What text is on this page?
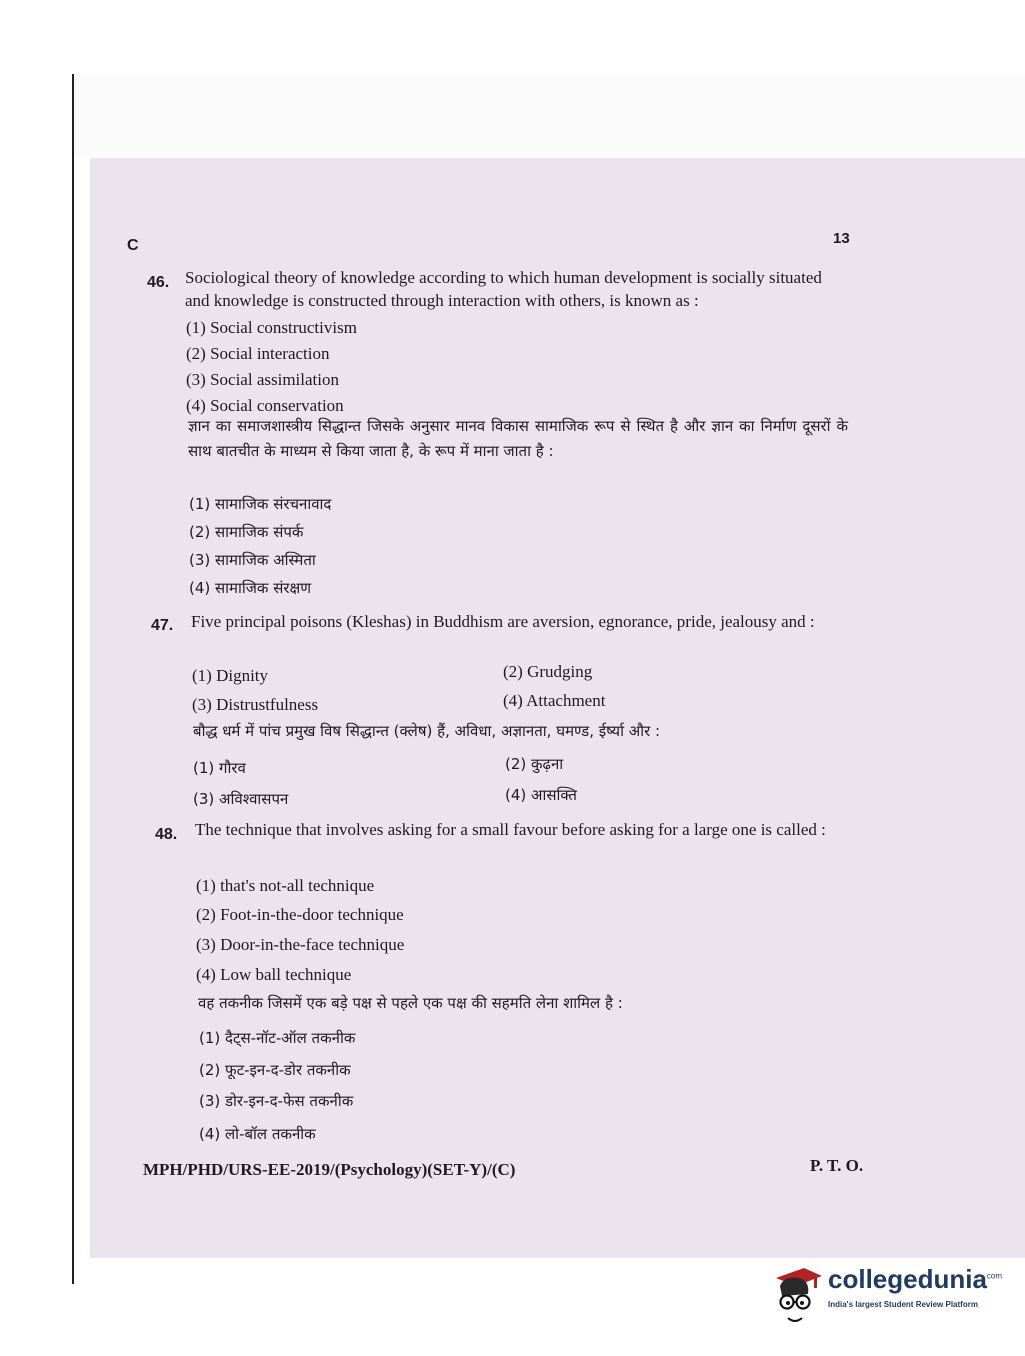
C	13
46. Sociological theory of knowledge according to which human development is socially situated and knowledge is constructed through interaction with others, is known as :
(1) Social constructivism
(2) Social interaction
(3) Social assimilation
(4) Social conservation
ज्ञान का समाजशास्त्रीय सिद्धान्त जिसके अनुसार मानव विकास सामाजिक रूप से स्थित है और ज्ञान का निर्माण दूसरों के साथ बातचीत के माध्यम से किया जाता है, के रूप में माना जाता है :
(1) सामाजिक संरचनावाद
(2) सामाजिक संपर्क
(3) सामाजिक अस्मिता
(4) सामाजिक संरक्षण
47. Five principal poisons (Kleshas) in Buddhism are aversion, egnorance, pride, jealousy and :
(1) Dignity	(2) Grudging
(3) Distrustfulness	(4) Attachment
बौद्ध धर्म में पांच प्रमुख विष सिद्धान्त (क्लेष) हैं, अविधा, अज्ञानता, घमण्ड, ईर्ष्या और :
(1) गौरव	(2) कुढ़ना
(3) अविश्वासपन	(4) आसक्ति
48. The technique that involves asking for a small favour before asking for a large one is called :
(1) that's not-all technique
(2) Foot-in-the-door technique
(3) Door-in-the-face technique
(4) Low ball technique
वह तकनीक जिसमें एक बड़े पक्ष से पहले एक पक्ष की सहमति लेना शामिल है :
(1) दैट्स-नॉट-ऑल तकनीक
(2) फूट-इन-द-डोर तकनीक
(3) डोर-इन-द-फेस तकनीक
(4) लो-बॉल तकनीक
MPH/PHD/URS-EE-2019/(Psychology)(SET-Y)/(C)	P. T. O.
collegedunia$^{com}$
India's largest Student Review Platform
